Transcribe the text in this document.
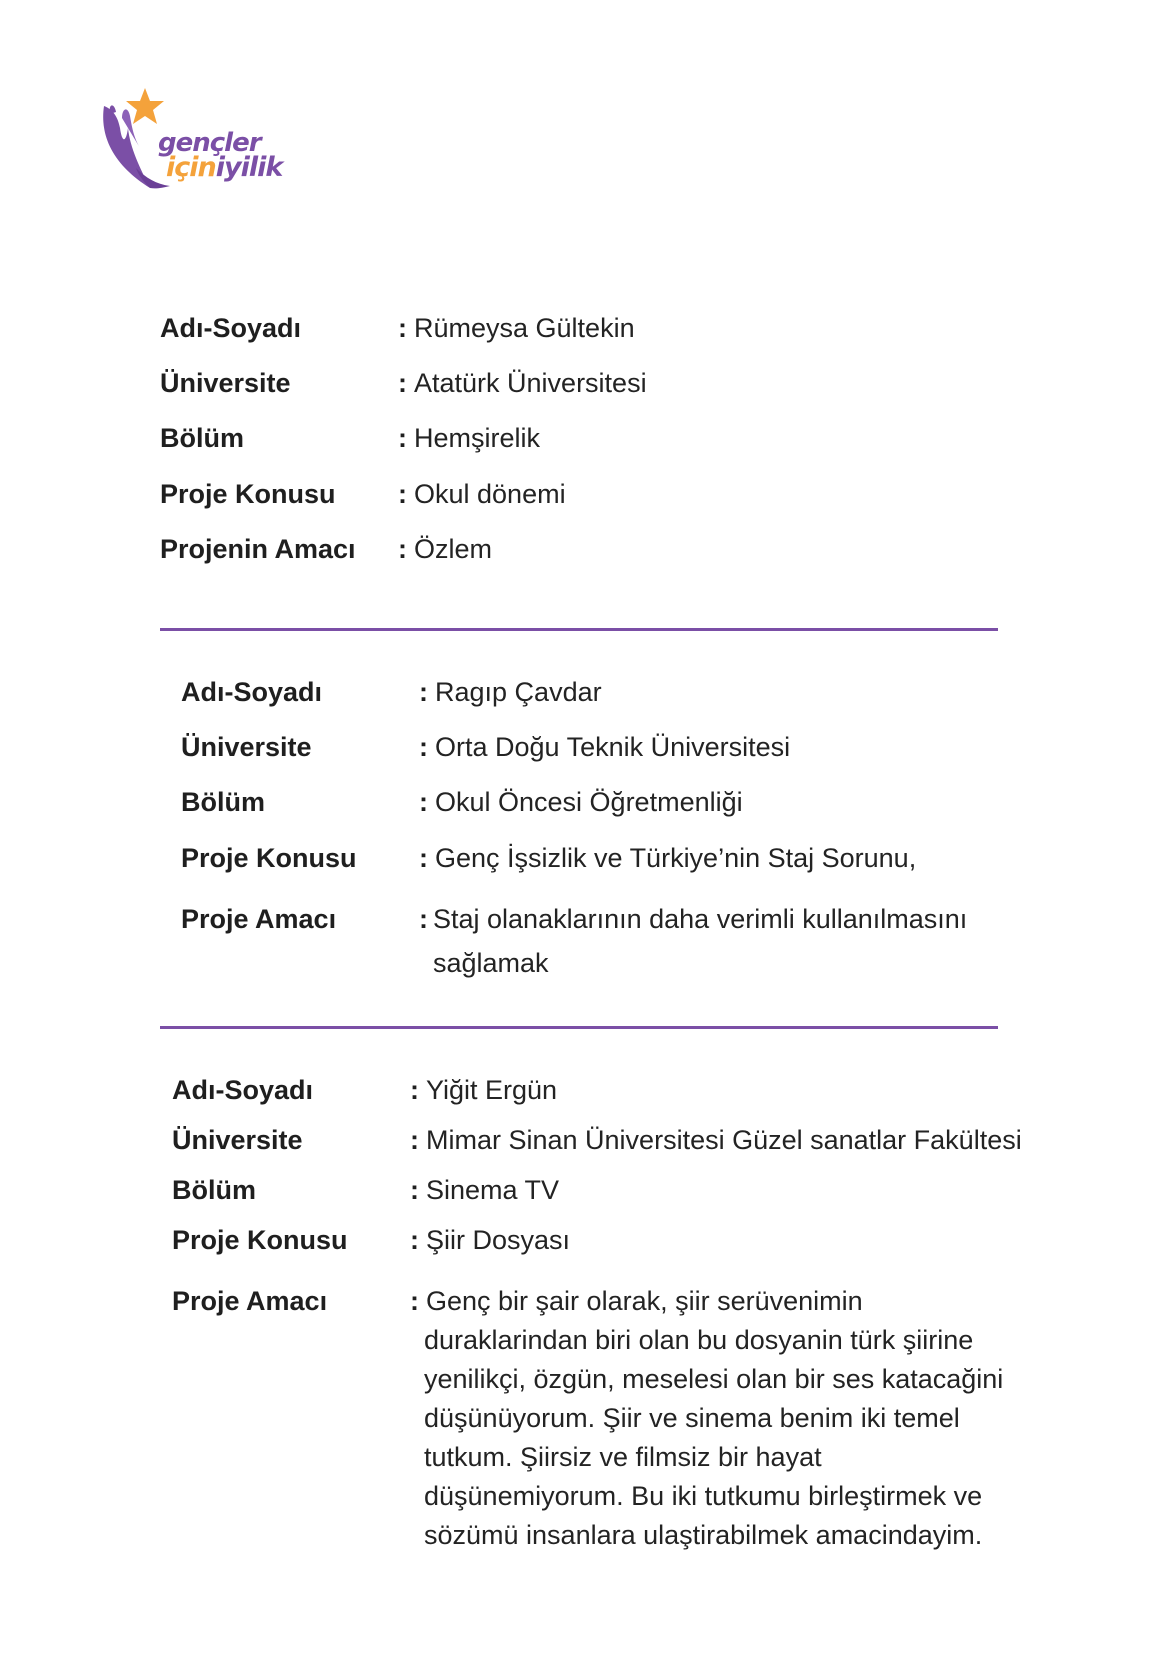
gençler
içiniyilik
Adı-Soyadı	: Rümeysa Gültekin
Üniversite	: Atatürk Üniversitesi
Bölüm	: Hemşirelik
Proje Konusu : Okul dönemi
Projenin Amacı : Özlem
Adı-Soyadı	: Ragıp Çavdar
Üniversite	: Orta Doğu Teknik Üniversitesi
Bölüm	: Okul Öncesi Öğretmenliği
Proje Konusu : Genç İşsizlik ve Türkiye’nin Staj Sorunu,
Proje Amacı	: Staj olanaklarının daha verimli kullanılmasını
sağlamak
Adı-Soyadı	: Yiğit Ergün
Üniversite	: Mimar Sinan Üniversitesi Güzel sanatlar Fakültesi
Bölüm	: Sinema TV
Proje Konusu : Şiir Dosyası
Proje Amacı	: Genç bir şair olarak, şiir serüvenimin
duraklarindan biri olan bu dosyanin türk şiirine
yenilikçi, özgün, meselesi olan bir ses katacağini
düşünüyorum. Şiir ve sinema benim iki temel
tutkum. Şiirsiz ve filmsiz bir hayat
düşünemiyorum. Bu iki tutkumu birleştirmek ve
sözümü insanlara ulaştirabilmek amacindayim.
